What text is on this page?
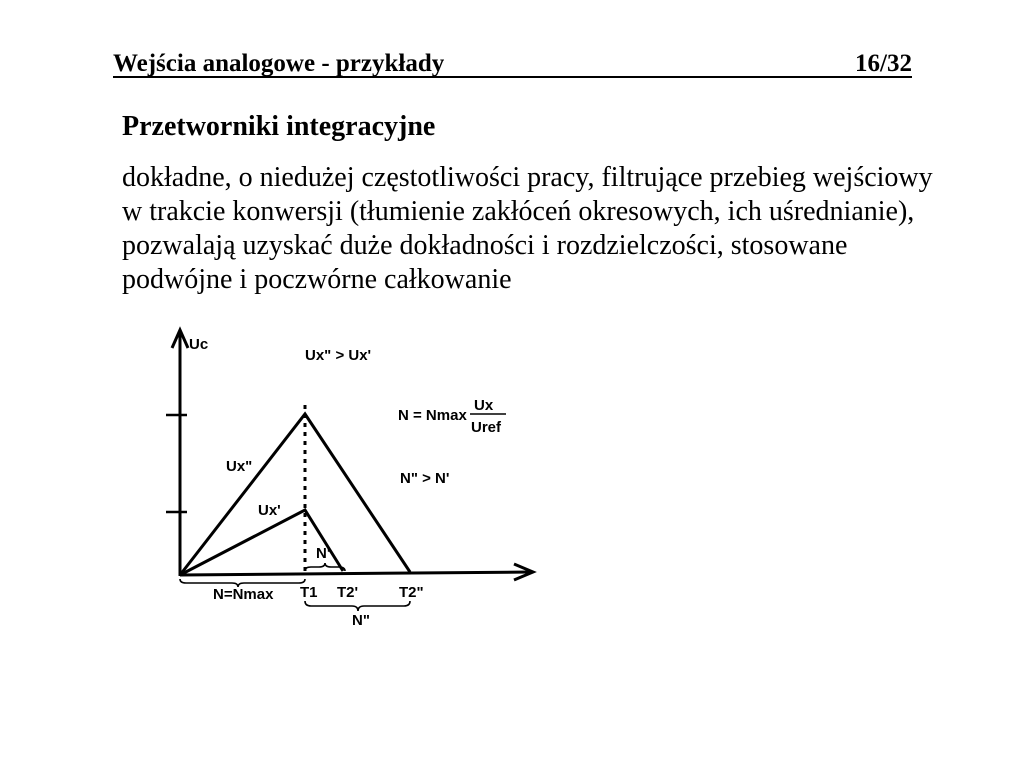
Wejścia analogowe - przykłady	16/32
Przetworniki integracyjne

dokładne, o niedużej częstotliwości pracy, filtrujące przebieg wejściowy
w trakcie konwersji (tłumienie zakłóceń okresowych, ich uśrednianie),
pozwalają uzyskać duże dokładności i rozdzielczości, stosowane
podwójne i poczwórne całkowanie

Uc
Ux" > Ux'
N = Nmax
Ux
Uref
N" > N'
Ux"
Ux'
N'
N=Nmax T1 T2'	T2"
N"
